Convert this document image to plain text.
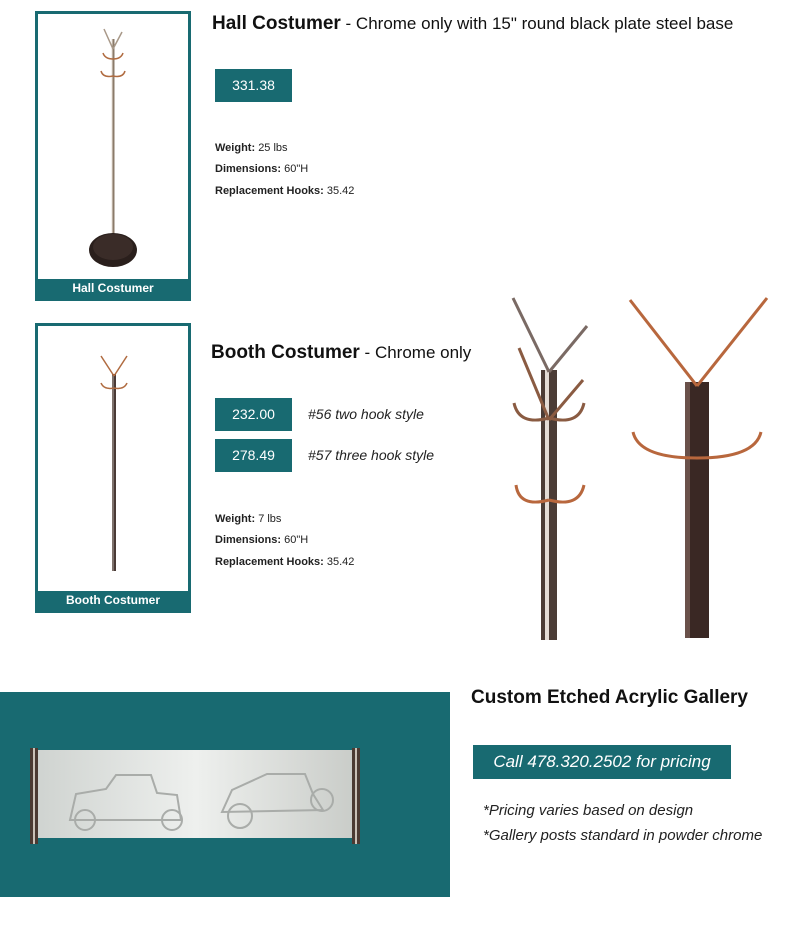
Hall Costumer
Hall Costumer - Chrome only with 15" round black plate steel base
331.38
Weight: 25 lbs
Dimensions: 60"H
Replacement Hooks: 35.42
Booth Costumer
Booth Costumer - Chrome only
232.00	#56 two hook style
278.49	#57 three hook style
Weight: 7 lbs
Dimensions: 60"H
Replacement Hooks: 35.42
Custom Etched Acrylic Gallery
Call 478.320.2502 for pricing
*Pricing varies based on design
*Gallery posts standard in powder chrome
